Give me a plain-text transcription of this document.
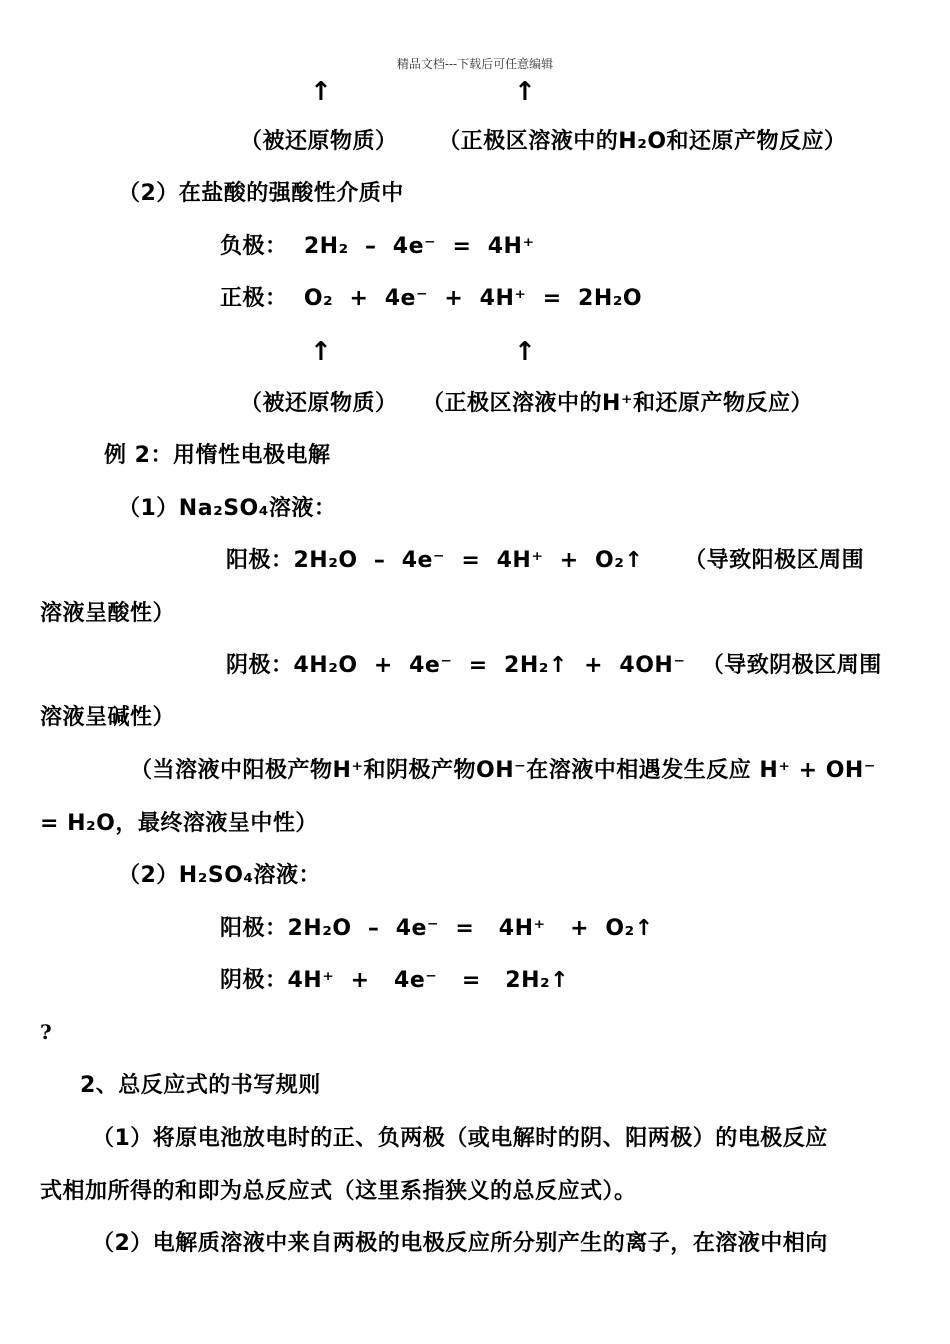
精品文档---下载后可任意编辑
↑	↑
（被还原物质）     （正极区溶液中的H₂O和还原产物反应）
（2）在盐酸的强酸性介质中
负极：  2H₂  –  4e⁻  =  4H⁺
正极：  O₂  +  4e⁻  +  4H⁺  =  2H₂O
↑	↑
（被还原物质）   （正极区溶液中的H⁺和还原产物反应）
例 2：用惰性电极电解
（1）Na₂SO₄溶液：
阳极：2H₂O  –  4e⁻  =  4H⁺  +  O₂↑     （导致阳极区周围
溶液呈酸性）
阴极：4H₂O  +  4e⁻  =  2H₂↑  +  4OH⁻  （导致阴极区周围
溶液呈碱性）
（当溶液中阳极产物H⁺和阴极产物OH⁻在溶液中相遇发生反应 H⁺ + OH⁻
= H₂O，最终溶液呈中性）
（2）H₂SO₄溶液：
阳极：2H₂O  –  4e⁻  =   4H⁺   +  O₂↑
阴极：4H⁺  +   4e⁻   =   2H₂↑
?
2、总反应式的书写规则
（1）将原电池放电时的正、负两极（或电解时的阴、阳两极）的电极反应
式相加所得的和即为总反应式（这里系指狭义的总反应式）。
（2）电解质溶液中来自两极的电极反应所分别产生的离子，在溶液中相向
